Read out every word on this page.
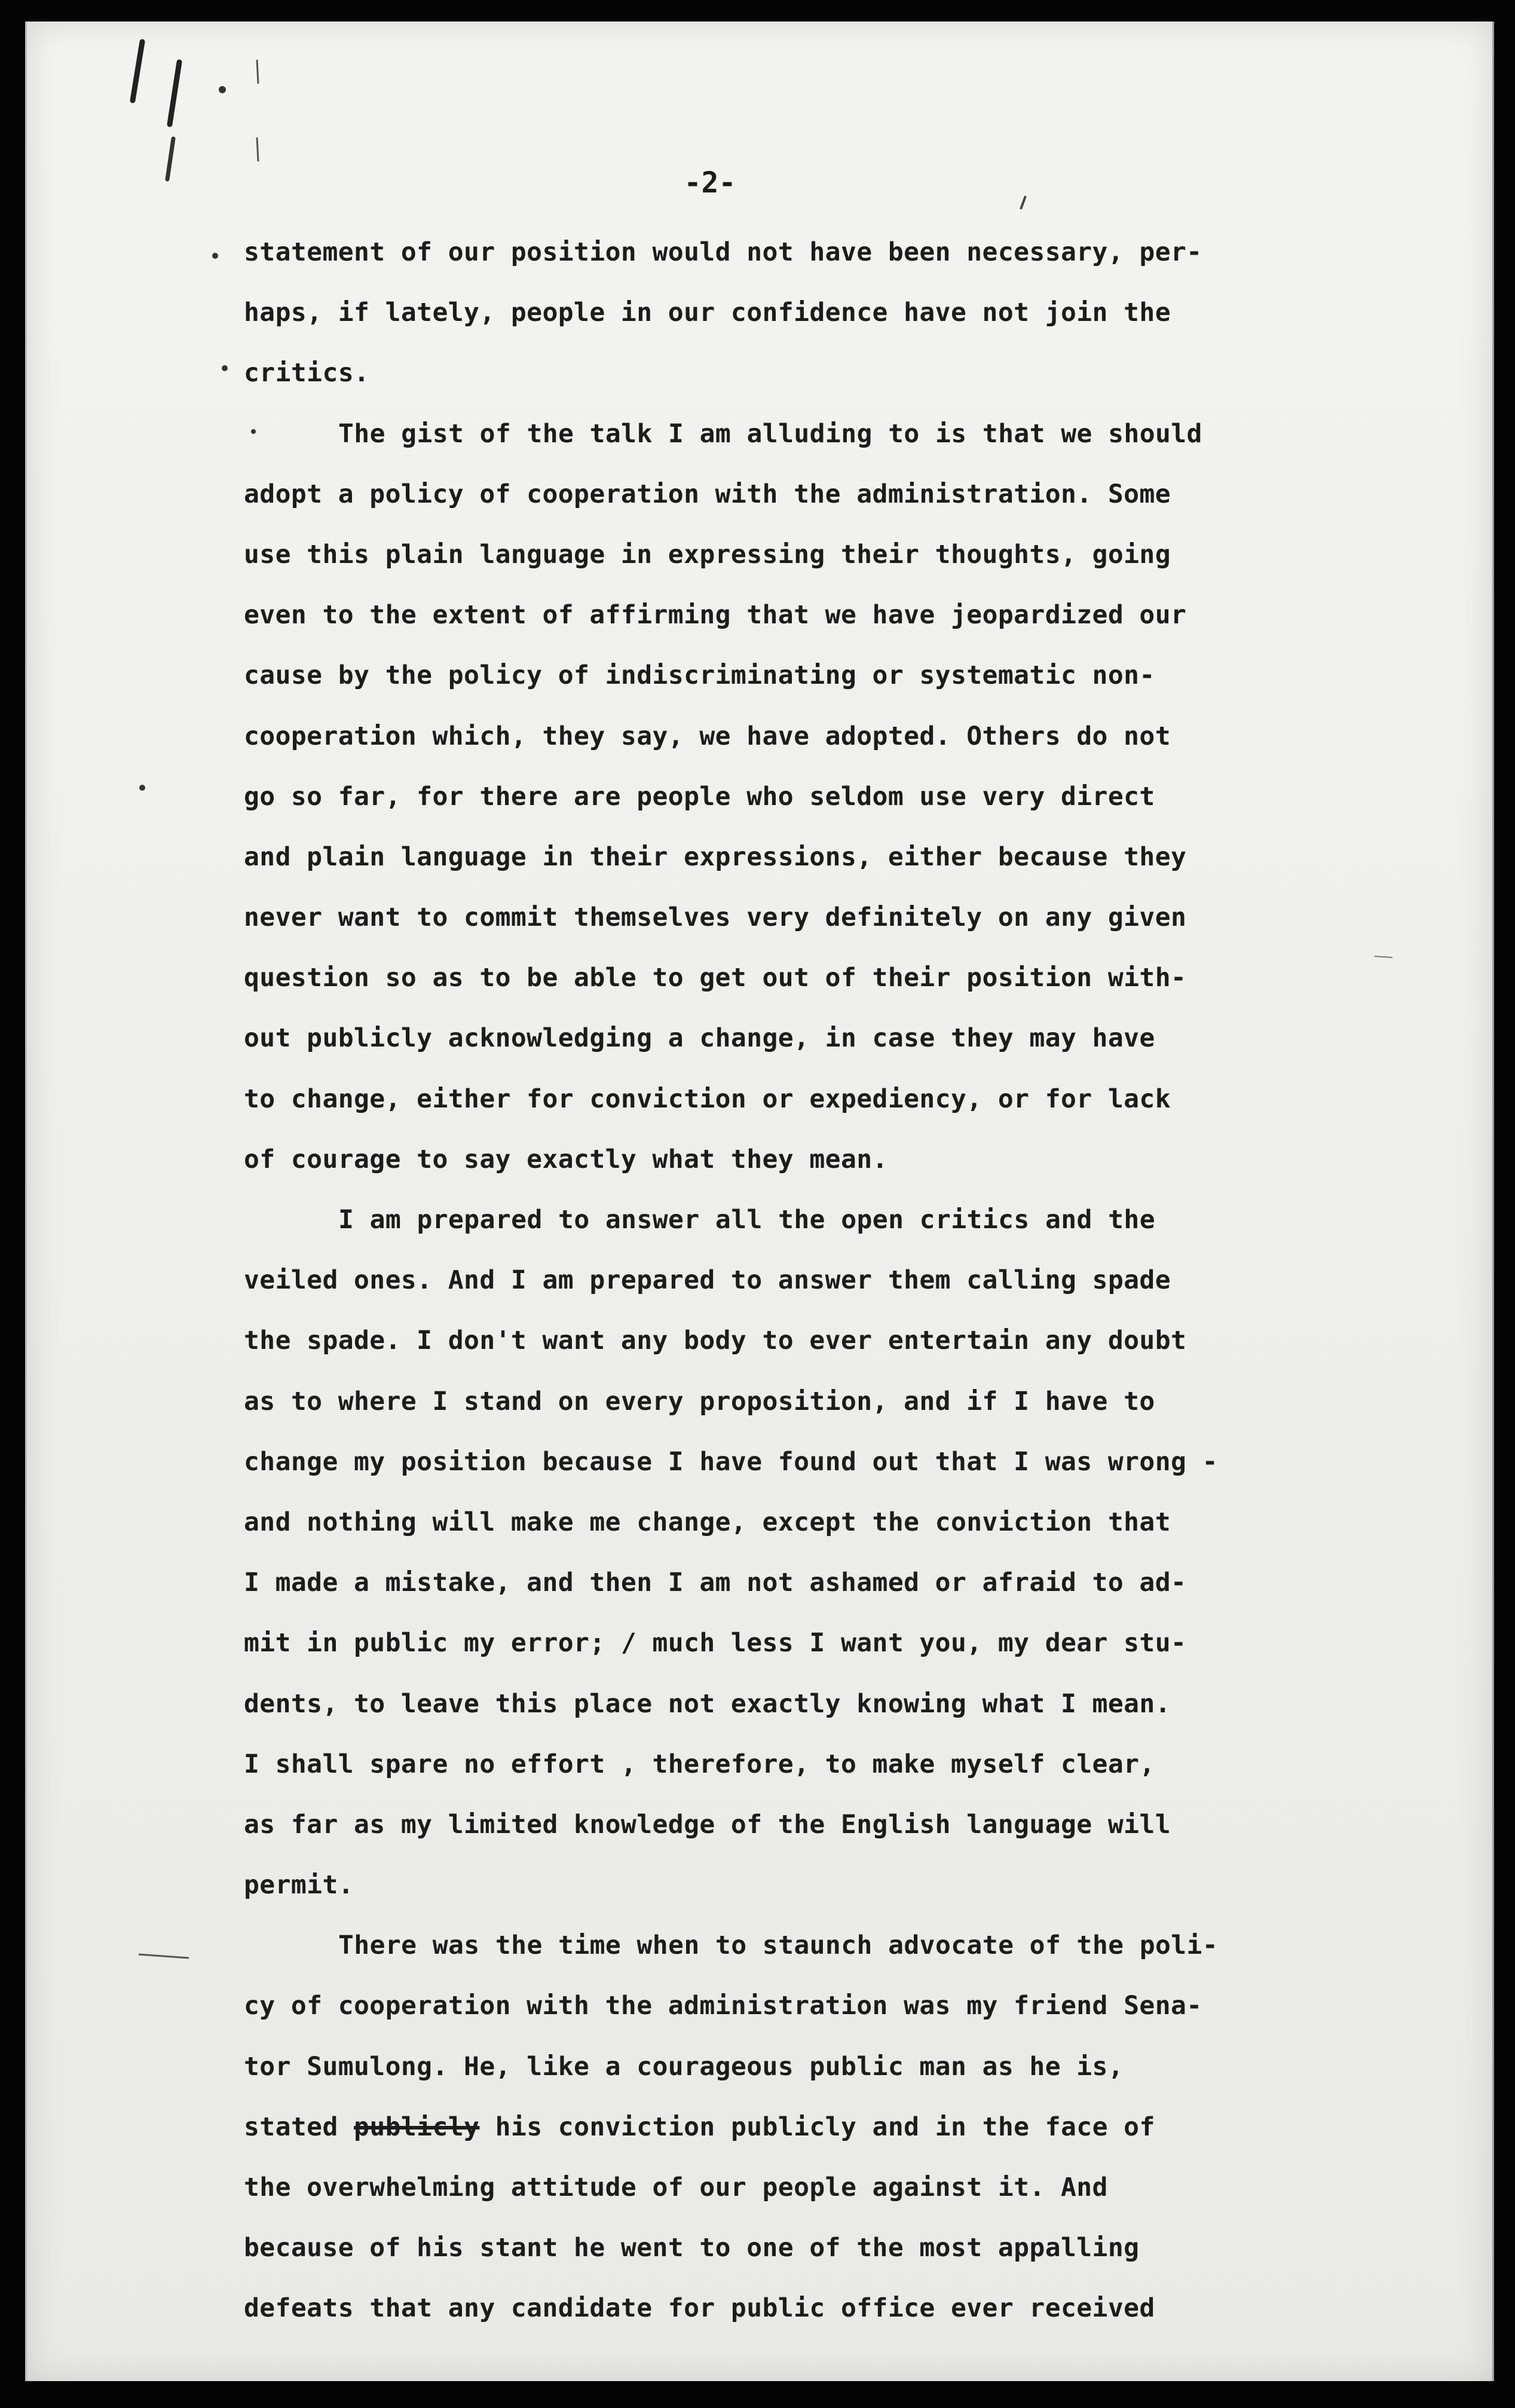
-2-
statement of our position would not have been necessary, per-
haps, if lately, people in our confidence have not join the
critics.
The gist of the talk I am alluding to is that we should
adopt a policy of cooperation with the administration. Some
use this plain language in expressing their thoughts, going
even to the extent of affirming that we have jeopardized our
cause by the policy of indiscriminating or systematic non-
cooperation which, they say, we have adopted. Others do not
go so far, for there are people who seldom use very direct
and plain language in their expressions, either because they
never want to commit themselves very definitely on any given
question so as to be able to get out of their position with-
out publicly acknowledging a change, in case they may have
to change, either for conviction or expediency, or for lack
of courage to say exactly what they mean.
I am prepared to answer all the open critics and the
veiled ones. And I am prepared to answer them calling spade
the spade. I don't want any body to ever entertain any doubt
as to where I stand on every proposition, and if I have to
change my position because I have found out that I was wrong -
and nothing will make me change, except the conviction that
I made a mistake, and then I am not ashamed or afraid to ad-
mit in public my error; / much less I want you, my dear stu-
dents, to leave this place not exactly knowing what I mean.
I shall spare no effort , therefore, to make myself clear,
as far as my limited knowledge of the English language will
permit.
There was the time when to staunch advocate of the poli-
cy of cooperation with the administration was my friend Sena-
tor Sumulong. He, like a courageous public man as he is,
stated publicly his conviction publicly and in the face of
the overwhelming attitude of our people against it. And
because of his stant he went to one of the most appalling
defeats that any candidate for public office ever received
